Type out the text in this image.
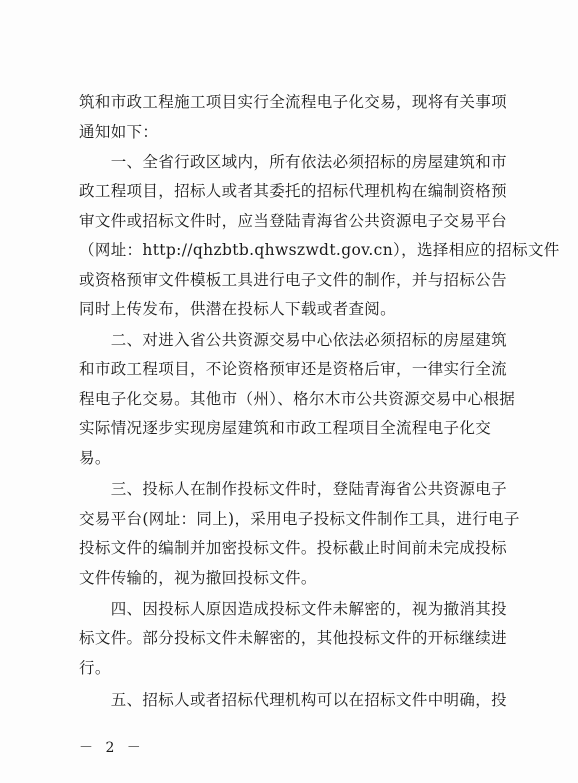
筑和市政工程施工项目实行全流程电子化交易，现将有关事项
通知如下：
　　一、全省行政区域内，所有依法必须招标的房屋建筑和市
政工程项目，招标人或者其委托的招标代理机构在编制资格预
审文件或招标文件时，应当登陆青海省公共资源电子交易平台
（网址：http://qhzbtb.qhwszwdt.gov.cn），选择相应的招标文件
或资格预审文件模板工具进行电子文件的制作，并与招标公告
同时上传发布，供潜在投标人下载或者查阅。
　　二、对进入省公共资源交易中心依法必须招标的房屋建筑
和市政工程项目，不论资格预审还是资格后审，一律实行全流
程电子化交易。其他市（州）、格尔木市公共资源交易中心根据
实际情况逐步实现房屋建筑和市政工程项目全流程电子化交
易。
　　三、投标人在制作投标文件时，登陆青海省公共资源电子
交易平台(网址：同上)，采用电子投标文件制作工具，进行电子
投标文件的编制并加密投标文件。投标截止时间前未完成投标
文件传输的，视为撤回投标文件。
　　四、因投标人原因造成投标文件未解密的，视为撤消其投
标文件。部分投标文件未解密的，其他投标文件的开标继续进
行。
－ 2 －
　　五、招标人或者招标代理机构可以在招标文件中明确，投
